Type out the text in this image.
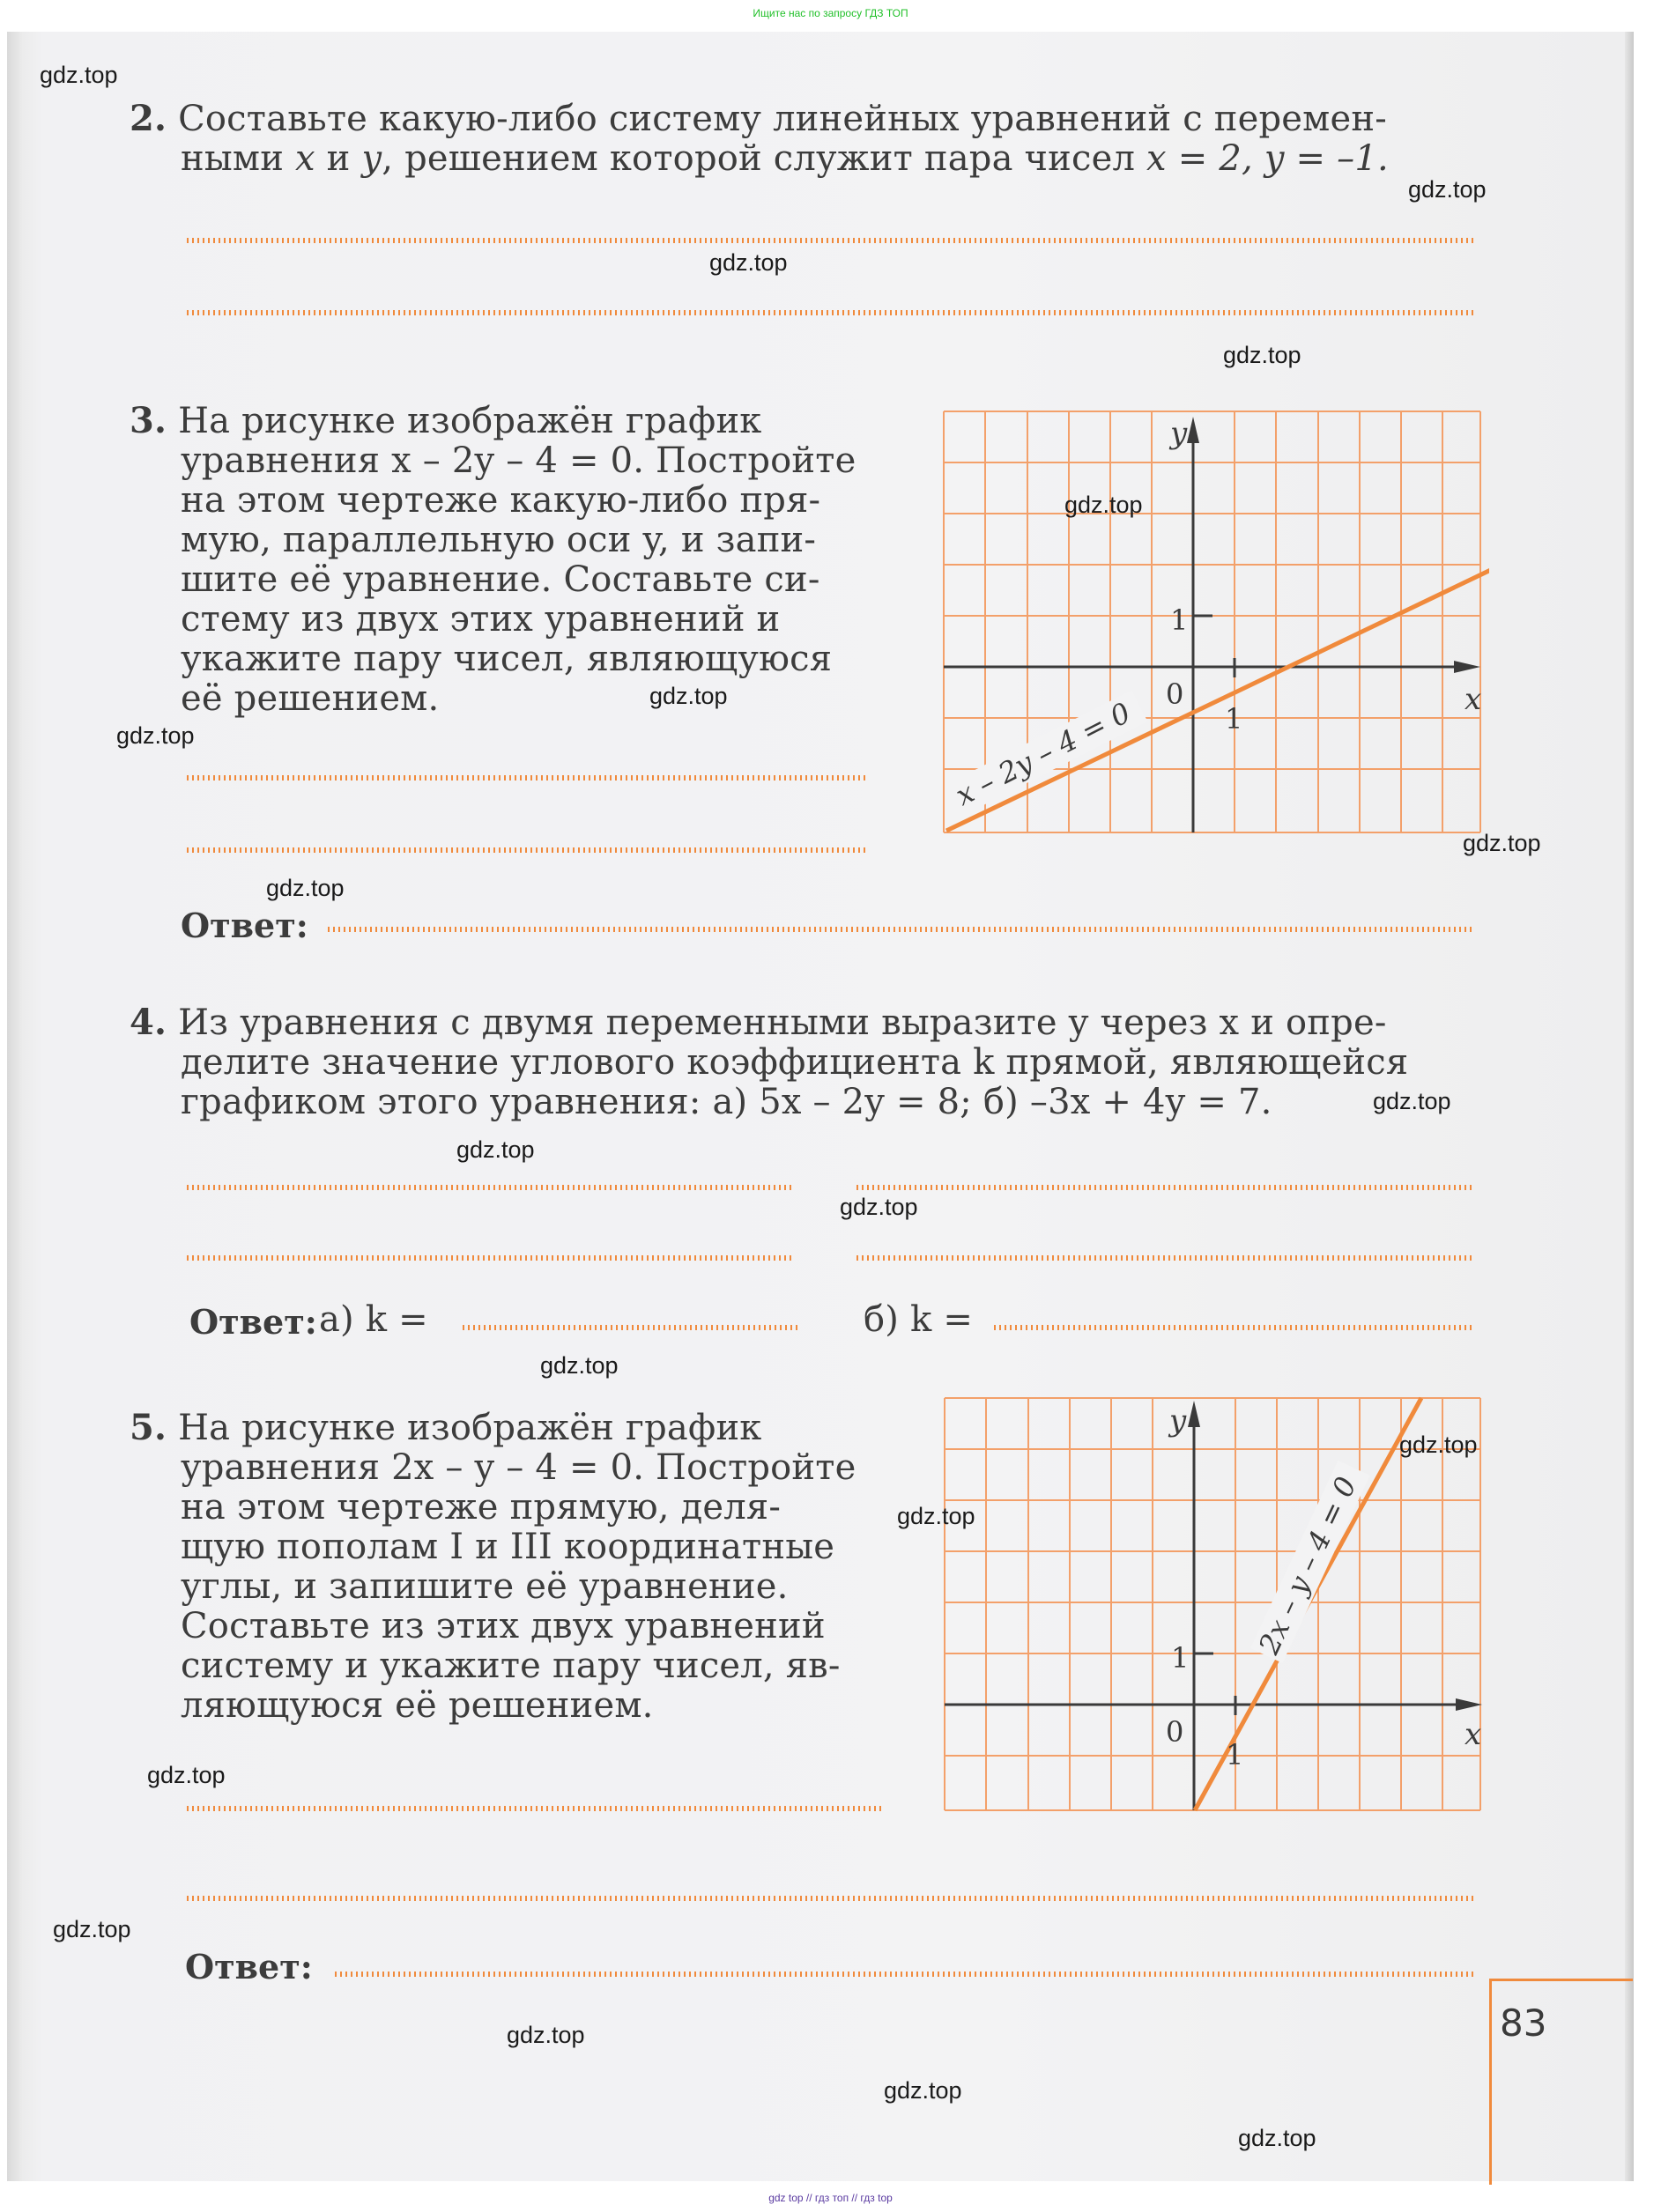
Ищите нас по запросу ГДЗ ТОП
2. Составьте какую-либо систему линейных уравнений с перемен-
ными x и y, решением которой служит пара чисел x = 2, y = –1.
3. На рисунке изображён график
уравнения x – 2y – 4 = 0. Постройте
на этом чертеже какую-либо пря-
мую, параллельную оси y, и запи-
шите её уравнение. Составьте си-
стему из двух этих уравнений и
укажите пару чисел, являющуюся
её решением.
Ответ:
y
x
0
1
1
x – 2y – 4 = 0
4. Из уравнения с двумя переменными выразите y через x и опре-
делите значение углового коэффициента k прямой, являющейся
графиком этого уравнения: а) 5x – 2y = 8; б) –3x + 4y = 7.
Ответ: а) k =	б) k =
5. На рисунке изображён график
уравнения 2x – y – 4 = 0. Постройте
на этом чертеже прямую, деля-
щую пополам I и III координатные
углы, и запишите её уравнение.
Составьте из этих двух уравнений
систему и укажите пару чисел, яв-
ляющуюся её решением.
Ответ:
y
x
0
1
1 2x – y – 4 = 0
83
gdz.top
gdz.top
gdz.top
gdz.top
gdz.top
gdz.top
gdz.top
gdz.top
gdz.top
gdz.top
gdz.top
gdz.top
gdz.top
gdz.top
gdz.top
gdz.top
gdz.top
gdz.top
gdz.top
gdz.top
gdz top // гдз топ // гдз top
